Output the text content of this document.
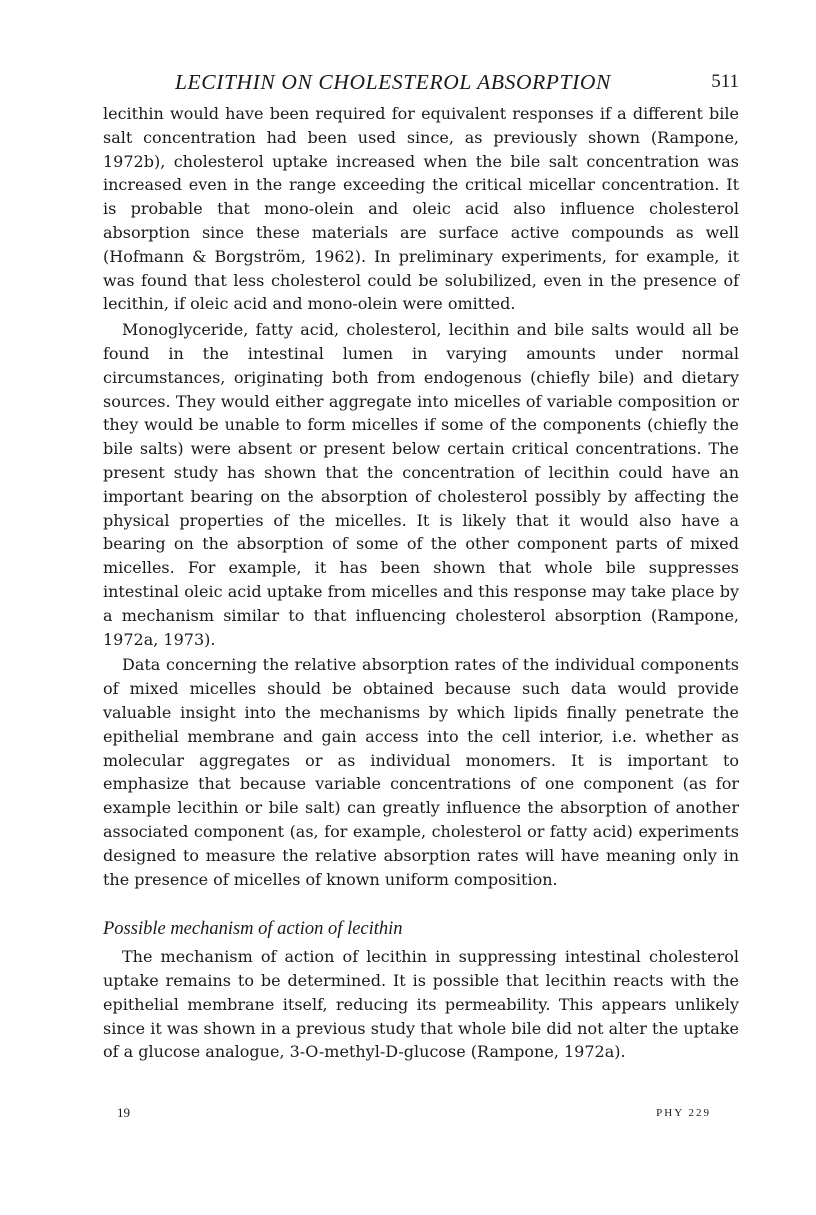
LECITHIN ON CHOLESTEROL ABSORPTION	511

lecithin would have been required for equivalent responses if a different bile salt concentration had been used since, as previously shown (Rampone, 1972b), cholesterol uptake increased when the bile salt concentration was increased even in the range exceeding the critical micellar concentration. It is probable that mono-olein and oleic acid also influence cholesterol absorption since these materials are surface active compounds as well (Hofmann & Borgström, 1962). In preliminary experiments, for example, it was found that less cholesterol could be solubilized, even in the presence of lecithin, if oleic acid and mono-olein were omitted.

Monoglyceride, fatty acid, cholesterol, lecithin and bile salts would all be found in the intestinal lumen in varying amounts under normal circumstances, originating both from endogenous (chiefly bile) and dietary sources. They would either aggregate into micelles of variable composition or they would be unable to form micelles if some of the components (chiefly the bile salts) were absent or present below certain critical concentrations. The present study has shown that the concentration of lecithin could have an important bearing on the absorption of cholesterol possibly by affecting the physical properties of the micelles. It is likely that it would also have a bearing on the absorption of some of the other component parts of mixed micelles. For example, it has been shown that whole bile suppresses intestinal oleic acid uptake from micelles and this response may take place by a mechanism similar to that influencing cholesterol absorption (Rampone, 1972a, 1973).

Data concerning the relative absorption rates of the individual components of mixed micelles should be obtained because such data would provide valuable insight into the mechanisms by which lipids finally penetrate the epithelial membrane and gain access into the cell interior, i.e. whether as molecular aggregates or as individual monomers. It is important to emphasize that because variable concentrations of one component (as for example lecithin or bile salt) can greatly influence the absorption of another associated component (as, for example, cholesterol or fatty acid) experiments designed to measure the relative absorption rates will have meaning only in the presence of micelles of known uniform composition.

Possible mechanism of action of lecithin

The mechanism of action of lecithin in suppressing intestinal cholesterol uptake remains to be determined. It is possible that lecithin reacts with the epithelial membrane itself, reducing its permeability. This appears unlikely since it was shown in a previous study that whole bile did not alter the uptake of a glucose analogue, 3-O-methyl-D-glucose (Rampone, 1972a).

19	PHY 229
